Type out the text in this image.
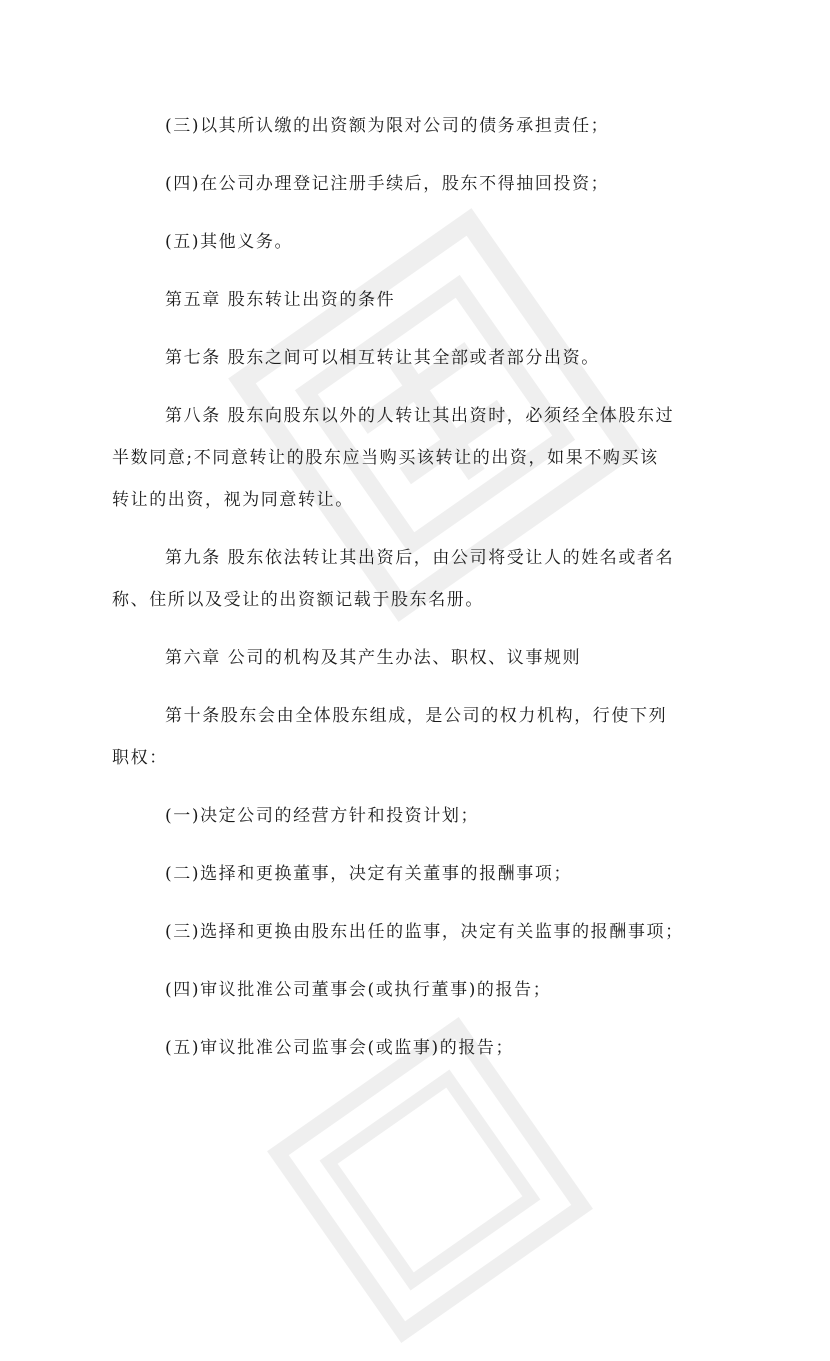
(三)以其所认缴的出资额为限对公司的债务承担责任；
(四)在公司办理登记注册手续后，股东不得抽回投资；
(五)其他义务。
第五章 股东转让出资的条件
第七条 股东之间可以相互转让其全部或者部分出资。
第八条 股东向股东以外的人转让其出资时，必须经全体股东过
半数同意;不同意转让的股东应当购买该转让的出资，如果不购买该
转让的出资，视为同意转让。
第九条 股东依法转让其出资后，由公司将受让人的姓名或者名
称、住所以及受让的出资额记载于股东名册。
第六章 公司的机构及其产生办法、职权、议事规则
第十条股东会由全体股东组成，是公司的权力机构，行使下列
职权：
(一)决定公司的经营方针和投资计划；
(二)选择和更换董事，决定有关董事的报酬事项；
(三)选择和更换由股东出任的监事，决定有关监事的报酬事项；
(四)审议批准公司董事会(或执行董事)的报告；
(五)审议批准公司监事会(或监事)的报告；
